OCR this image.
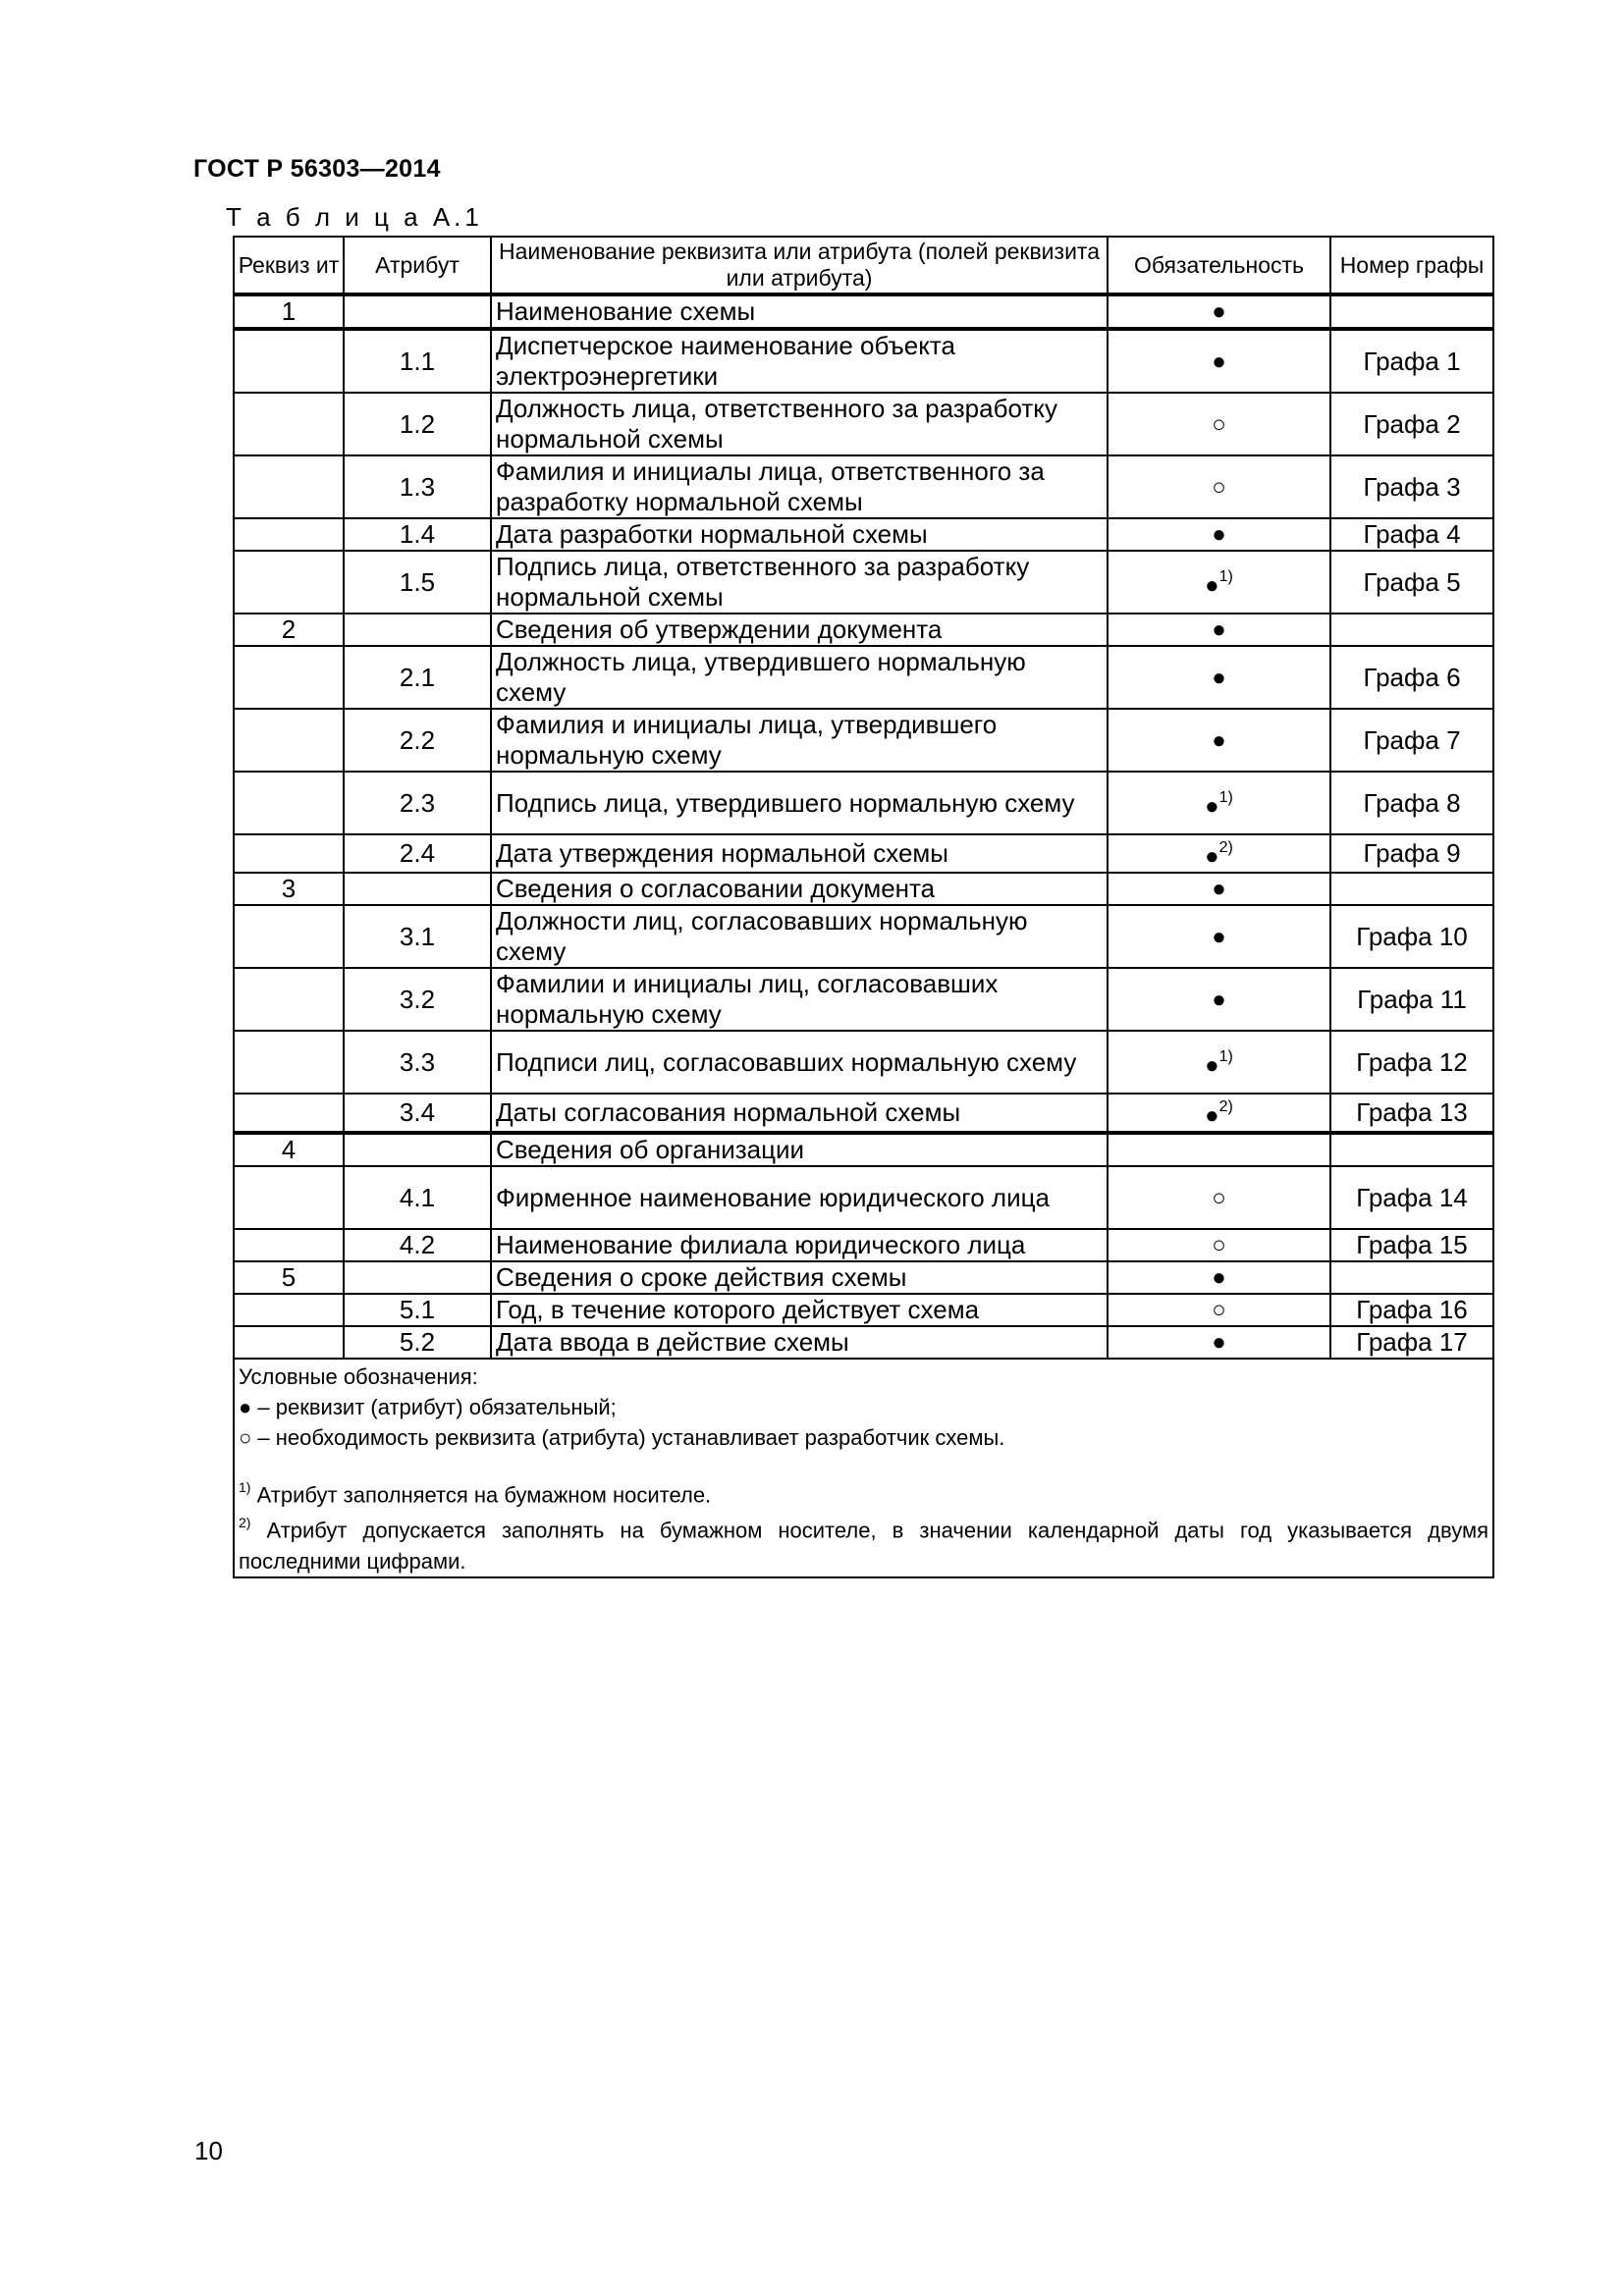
ГОСТ Р 56303—2014
Т а б л и ц а А.1
Реквиз ит	Атрибут	Наименование реквизита или атрибута (полей реквизита или атрибута)	Обязательность	Номер графы
1		Наименование схемы	●	
	1.1	Диспетчерское наименование объекта электроэнергетики	●	Графа 1
	1.2	Должность лица, ответственного за разработку нормальной схемы	○	Графа 2
	1.3	Фамилия и инициалы лица, ответственного за разработку нормальной схемы	○	Графа 3
	1.4	Дата разработки нормальной схемы	●	Графа 4
	1.5	Подпись лица, ответственного за разработку нормальной схемы	●$^{1)}$	Графа 5
2		Сведения об утверждении документа	●	
	2.1	Должность лица, утвердившего нормальную схему	●	Графа 6
	2.2	Фамилия и инициалы лица, утвердившего нормальную схему	●	Графа 7
	2.3	Подпись лица, утвердившего нормальную схему	●$^{1)}$	Графа 8
	2.4	Дата утверждения нормальной схемы	●$^{2)}$	Графа 9
3		Сведения о согласовании документа	●	
	3.1	Должности лиц, согласовавших нормальную схему	●	Графа 10
	3.2	Фамилии и инициалы лиц, согласовавших нормальную схему	●	Графа 11
	3.3	Подписи лиц, согласовавших нормальную схему	●$^{1)}$	Графа 12
	3.4	Даты согласования нормальной схемы	●$^{2)}$	Графа 13
4		Сведения об организации		
	4.1	Фирменное наименование юридического лица	○	Графа 14
	4.2	Наименование филиала юридического лица	○	Графа 15
5		Сведения о сроке действия схемы	●	
	5.1	Год, в течение которого действует схема	○	Графа 16
	5.2	Дата ввода в действие схемы	●	Графа 17

Условные обозначения:
● – реквизит (атрибут) обязательный;
○ – необходимость реквизита (атрибута) устанавливает разработчик схемы.
$^{1)}$ Атрибут заполняется на бумажном носителе.
$^{2)}$ Атрибут допускается заполнять на бумажном носителе, в значении календарной даты год указывается двумя последними цифрами.				
10
